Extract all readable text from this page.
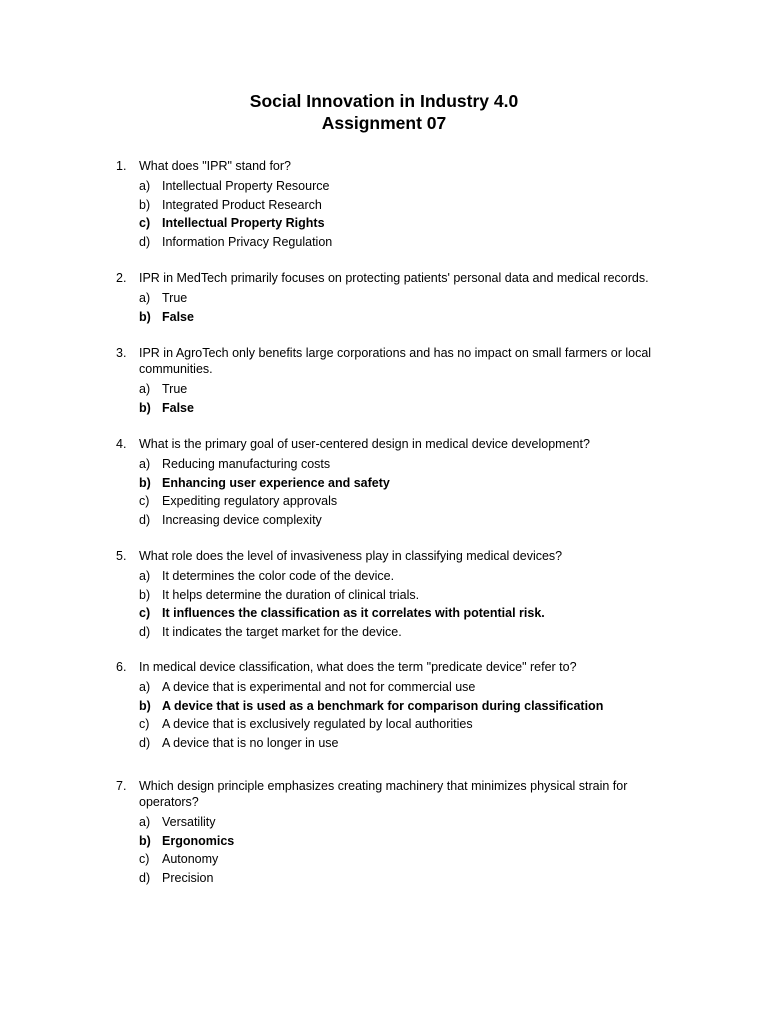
Social Innovation in Industry 4.0
Assignment 07
1. What does "IPR" stand for?
a) Intellectual Property Resource
b) Integrated Product Research
c) Intellectual Property Rights
d) Information Privacy Regulation
2. IPR in MedTech primarily focuses on protecting patients' personal data and medical records.
a) True
b) False
3. IPR in AgroTech only benefits large corporations and has no impact on small farmers or local communities.
a) True
b) False
4. What is the primary goal of user-centered design in medical device development?
a) Reducing manufacturing costs
b) Enhancing user experience and safety
c) Expediting regulatory approvals
d) Increasing device complexity
5. What role does the level of invasiveness play in classifying medical devices?
a) It determines the color code of the device.
b) It helps determine the duration of clinical trials.
c) It influences the classification as it correlates with potential risk.
d) It indicates the target market for the device.
6. In medical device classification, what does the term "predicate device" refer to?
a) A device that is experimental and not for commercial use
b) A device that is used as a benchmark for comparison during classification
c) A device that is exclusively regulated by local authorities
d) A device that is no longer in use
7. Which design principle emphasizes creating machinery that minimizes physical strain for operators?
a) Versatility
b) Ergonomics
c) Autonomy
d) Precision
